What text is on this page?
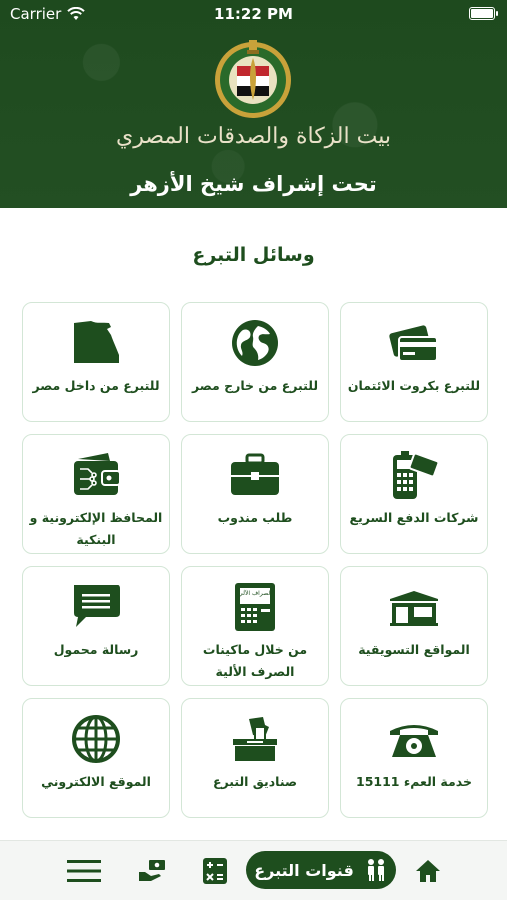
Carrier	11:22 PM
بيت الزكاة والصدقات المصري
تحت إشراف شيخ الأزهر
وسائل التبرع
للتبرع بكروت الائتمان
للتبرع من خارج مصر
للتبرع من داخل مصر
شركات الدفع السريع
طلب مندوب
المحافظ الإلكترونية و البنكية
المواقع التسويقية
الصراف الآلي
من خلال ماكينات الصرف الألية
رسالة محمول
خدمة العمء 15111
صناديق التبرع
الموقع الالكتروني
قنوات التبرع
